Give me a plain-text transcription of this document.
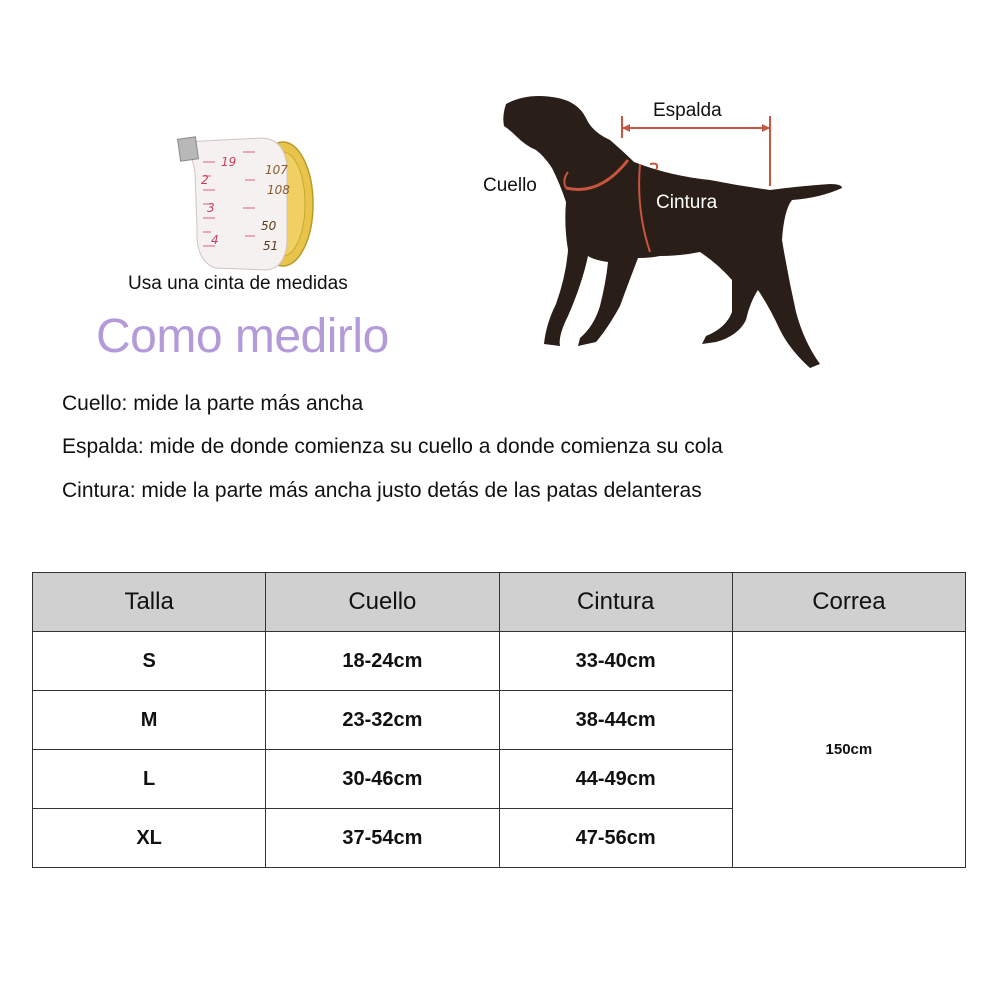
19
107
108
50
51
2
3
4
Usa una cinta de medidas
Como medirlo
Espalda
Cuello
Cintura
Cuello: mide la parte más ancha
Espalda: mide de donde comienza su cuello a donde comienza su cola
Cintura: mide la parte más ancha justo detás de las patas delanteras
Talla	Cuello	Cintura	Correa
S	18-24cm	33-40cm	150cm
M	23-32cm	38-44cm	
L	30-46cm	44-49cm	
XL	37-54cm	47-56cm	
